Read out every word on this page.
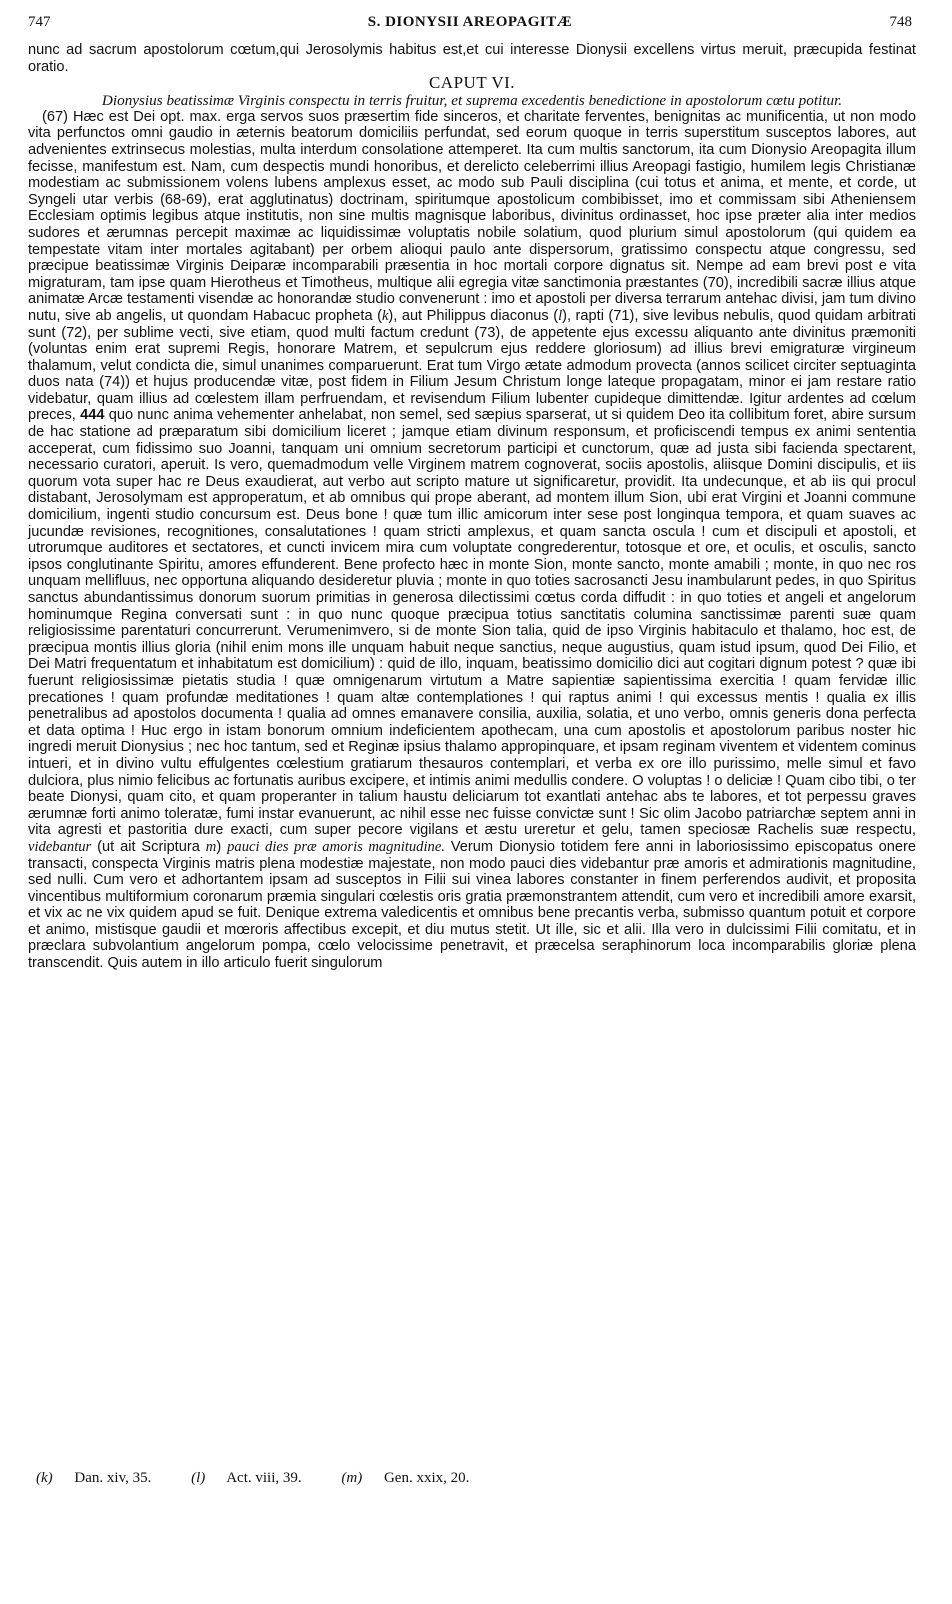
747	S. DIONYSII AREOPAGITÆ	748

nunc ad sacrum apostolorum cœtum,qui Jerosolymis habitus est,et cui interesse Dionysii excellens virtus meruit, præcupida festinat oratio.

CAPUT VI.

Dionysius beatissimæ Virginis conspectu in terris fruitur, et suprema excedentis benedictione in apostolorum cœtu potitur.

(67) Hæc est Dei opt. max. erga servos suos præsertim fide sinceros, et charitate ferventes, benignitas ac munificentia, ut non modo vita perfunctos omni gaudio in æternis beatorum domiciliis perfundat, sed eorum quoque in terris superstitum susceptos labores, aut advenientes extrinsecus molestias, multa interdum consolatione attemperet. Ita cum multis sanctorum, ita cum Dionysio Areopagita illum fecisse, manifestum est. Nam, cum despectis mundi honoribus, et derelicto celeberrimi illius Areopagi fastigio, humilem legis Christianæ modestiam ac submissionem volens lubens amplexus esset, ac modo sub Pauli disciplina (cui totus et anima, et mente, et corde, ut Syngeli utar verbis (68-69), erat agglutinatus) doctrinam, spiritumque apostolicum combibisset, imo et commissam sibi Atheniensem Ecclesiam optimis legibus atque institutis, non sine multis magnisque laboribus, divinitus ordinasset, hoc ipse præter alia inter medios sudores et ærumnas percepit maximæ ac liquidissimæ voluptatis nobile solatium, quod plurium simul apostolorum (qui quidem ea tempestate vitam inter mortales agitabant) per orbem alioqui paulo ante dispersorum, gratissimo conspectu atque congressu, sed præcipue beatissimæ Virginis Deiparæ incomparabili præsentia in hoc mortali corpore dignatus sit. Nempe ad eam brevi post e vita migraturam, tam ipse quam Hierotheus et Timotheus, multique alii egregia vitæ sanctimonia præstantes (70), incredibili sacræ illius atque animatæ Arcæ testamenti visendæ ac honorandæ studio convenerunt : imo et apostoli per diversa terrarum antehac divisi, jam tum divino nutu, sive ab angelis, ut quondam Habacuc propheta (k), aut Philippus diaconus (l), rapti (71), sive levibus nebulis, quod quidam arbitrati sunt (72), per sublime vecti, sive etiam, quod multi factum credunt (73), de appetente ejus excessu aliquanto ante divinitus præmoniti (voluntas enim erat supremi Regis, honorare Matrem, et sepulcrum ejus reddere gloriosum) ad illius brevi emigraturæ virgineum thalamum, velut condicta die, simul unanimes comparuerunt. Erat tum Virgo ætate admodum provecta (annos scilicet circiter septuaginta duos nata (74)) et hujus producendæ vitæ, post fidem in Filium Jesum Christum longe lateque propagatam, minor ei jam restare ratio videbatur, quam illius ad cœlestem illam perfruendam, et revisendum Filium lubenter cupideque dimittendæ. Igitur ardentes ad cœlum preces, 444 quo nunc anima vehementer anhelabat, non semel, sed sæpius sparserat, ut si quidem Deo ita collibitum foret, abire sursum de hac statione ad præparatum sibi domicilium liceret ; jamque etiam divinum responsum, et proficiscendi tempus ex animi sententia acceperat, cum fidissimo suo Joanni, tanquam uni omnium secretorum participi et cunctorum, quæ ad justa sibi facienda spectarent, necessario curatori, aperuit. Is vero, quemadmodum velle Virginem matrem cognoverat, sociis apostolis, aliisque Domini discipulis, et iis quorum vota super hac re Deus exaudierat, aut verbo aut scripto mature ut significaretur, providit. Ita undecunque, et ab iis qui procul distabant, Jerosolymam est approperatum, et ab omnibus qui prope aberant, ad montem illum Sion, ubi erat Virgini et Joanni commune domicilium, ingenti studio concursum est. Deus bone ! quæ tum illic amicorum inter sese post longinqua tempora, et quam suaves ac jucundæ revisiones, recognitiones, consalutationes ! quam stricti amplexus, et quam sancta oscula ! cum et discipuli et apostoli, et utrorumque auditores et sectatores, et cuncti invicem mira cum voluptate congrederentur, totosque et ore, et oculis, et osculis, sancto ipsos conglutinante Spiritu, amores effunderent. Bene profecto hæc in monte Sion, monte sancto, monte amabili ; monte, in quo nec ros unquam mellifluus, nec opportuna aliquando desideretur pluvia ; monte in quo toties sacrosancti Jesu inambularunt pedes, in quo Spiritus sanctus abundantissimus donorum suorum primitias in generosa dilectissimi cœtus corda diffudit : in quo toties et angeli et angelorum hominumque Regina conversati sunt : in quo nunc quoque præcipua totius sanctitatis columina sanctissimæ parenti suæ quam religiosissime parentaturi concurrerunt. Verumenimvero, si de monte Sion talia, quid de ipso Virginis habitaculo et thalamo, hoc est, de præcipua montis illius gloria (nihil enim mons ille unquam habuit neque sanctius, neque augustius, quam istud ipsum, quod Dei Filio, et Dei Matri frequentatum et inhabitatum est domicilium) : quid de illo, inquam, beatissimo domicilio dici aut cogitari dignum potest ? quæ ibi fuerunt religiosissimæ pietatis studia ! quæ omnigenarum virtutum a Matre sapientiæ sapientissima exercitia ! quam fervidæ illic precationes ! quam profundæ meditationes ! quam altæ contemplationes ! qui raptus animi ! qui excessus mentis ! qualia ex illis penetralibus ad apostolos documenta ! qualia ad omnes emanavere consilia, auxilia, solatia, et uno verbo, omnis generis dona perfecta et data optima ! Huc ergo in istam bonorum omnium indeficientem apothecam, una cum apostolis et apostolorum paribus noster hic ingredi meruit Dionysius ; nec hoc tantum, sed et Reginæ ipsius thalamo appropinquare, et ipsam reginam viventem et videntem cominus intueri, et in divino vultu effulgentes cœlestium gratiarum thesauros contemplari, et verba ex ore illo purissimo, melle simul et favo dulciora, plus nimio felicibus ac fortunatis auribus excipere, et intimis animi medullis condere. O voluptas ! o deliciæ ! Quam cibo tibi, o ter beate Dionysi, quam cito, et quam properanter in talium haustu deliciarum tot exantlati antehac abs te labores, et tot perpessu graves ærumnæ forti animo toleratæ, fumi instar evanuerunt, ac nihil esse nec fuisse convictæ sunt ! Sic olim Jacobo patriarchæ septem anni in vita agresti et pastoritia dure exacti, cum super pecore vigilans et æstu ureretur et gelu, tamen speciosæ Rachelis suæ respectu, videbantur (ut ait Scriptura m) pauci dies præ amoris magnitudine. Verum Dionysio totidem fere anni in laboriosissimo episcopatus onere transacti, conspecta Virginis matris plena modestiæ majestate, non modo pauci dies videbantur præ amoris et admirationis magnitudine, sed nulli. Cum vero et adhortantem ipsam ad susceptos in Filii sui vinea labores constanter in finem perferendos audivit, et proposita vincentibus multiformium coronarum præmia singulari cœlestis oris gratia præmonstrantem attendit, cum vero et incredibili amore exarsit, et vix ac ne vix quidem apud se fuit. Denique extrema valedicentis et omnibus bene precantis verba, submisso quantum potuit et corpore et animo, mistisque gaudii et mœroris affectibus excepit, et diu mutus stetit. Ut ille, sic et alii. Illa vero in dulcissimi Filii comitatu, et in præclara subvolantium angelorum pompa, cœlo velocissime penetravit, et præcelsa seraphinorum loca incomparabilis gloriæ plena transcendit. Quis autem in illo articulo fuerit singulorum

(k) Dan. xiv, 35.	(l) Act. viii, 39.	(m) Gen. xxix, 20.
